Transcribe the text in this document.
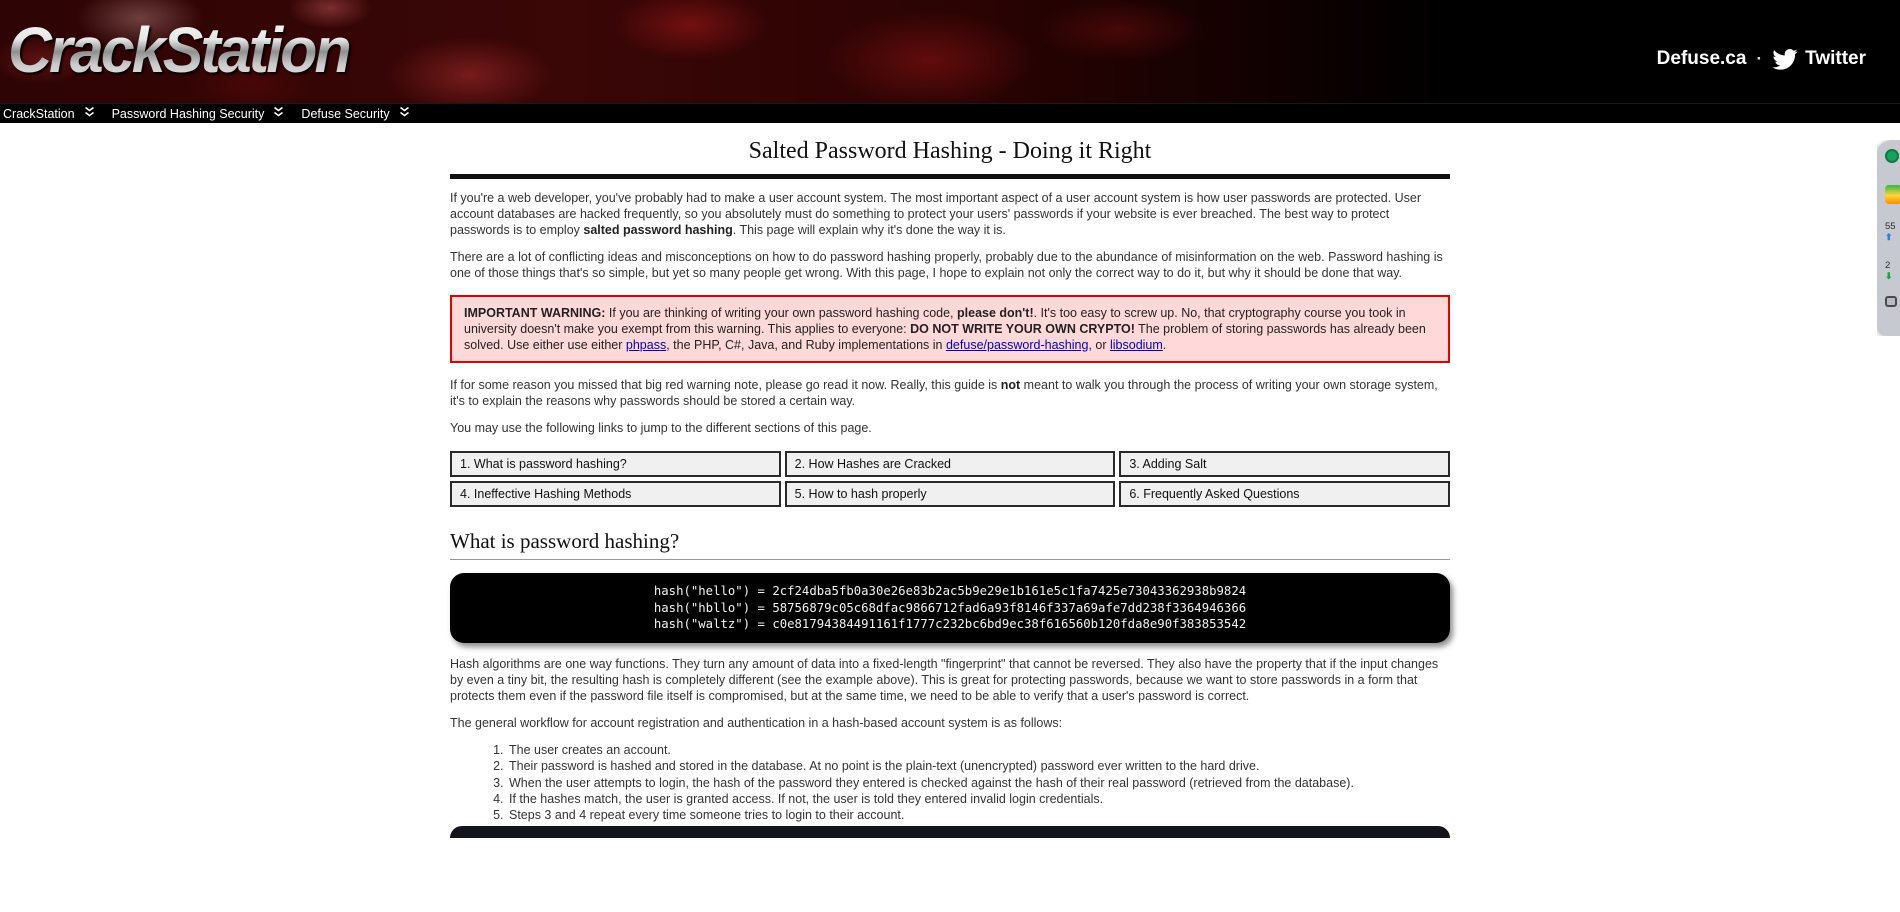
CrackStation	Defuse.ca · Twitter
CrackStation	Password Hashing Security	Defuse Security
Salted Password Hashing - Doing it Right

If you're a web developer, you've probably had to make a user account system. The most important aspect of a user account system is how user passwords are protected. User account databases are hacked frequently, so you absolutely must do something to protect your users' passwords if your website is ever breached. The best way to protect passwords is to employ salted password hashing. This page will explain why it's done the way it is.

There are a lot of conflicting ideas and misconceptions on how to do password hashing properly, probably due to the abundance of misinformation on the web. Password hashing is one of those things that's so simple, but yet so many people get wrong. With this page, I hope to explain not only the correct way to do it, but why it should be done that way.

IMPORTANT WARNING: If you are thinking of writing your own password hashing code, please don't!. It's too easy to screw up. No, that cryptography course you took in university doesn't make you exempt from this warning. This applies to everyone: DO NOT WRITE YOUR OWN CRYPTO! The problem of storing passwords has already been solved. Use either use either phpass, the PHP, C#, Java, and Ruby implementations in defuse/password-hashing, or libsodium.

If for some reason you missed that big red warning note, please go read it now. Really, this guide is not meant to walk you through the process of writing your own storage system, it's to explain the reasons why passwords should be stored a certain way.

You may use the following links to jump to the different sections of this page.

1. What is password hashing?	2. How Hashes are Cracked	3. Adding Salt
4. Ineffective Hashing Methods	5. How to hash properly	6. Frequently Asked Questions
What is password hashing?
hash("hello") = 2cf24dba5fb0a30e26e83b2ac5b9e29e1b161e5c1fa7425e73043362938b9824
hash("hbllo") = 58756879c05c68dfac9866712fad6a93f8146f337a69afe7dd238f3364946366
hash("waltz") = c0e81794384491161f1777c232bc6bd9ec38f616560b120fda8e90f383853542

Hash algorithms are one way functions. They turn any amount of data into a fixed-length "fingerprint" that cannot be reversed. They also have the property that if the input changes by even a tiny bit, the resulting hash is completely different (see the example above). This is great for protecting passwords, because we want to store passwords in a form that protects them even if the password file itself is compromised, but at the same time, we need to be able to verify that a user's password is correct.

The general workflow for account registration and authentication in a hash-based account system is as follows:

1. The user creates an account.
2. Their password is hashed and stored in the database. At no point is the plain-text (unencrypted) password ever written to the hard drive.
3. When the user attempts to login, the hash of the password they entered is checked against the hash of their real password (retrieved from the database).
4. If the hashes match, the user is granted access. If not, the user is told they entered invalid login credentials.
5. Steps 3 and 4 repeat every time someone tries to login to their account.
55
⬆
2
⬇
